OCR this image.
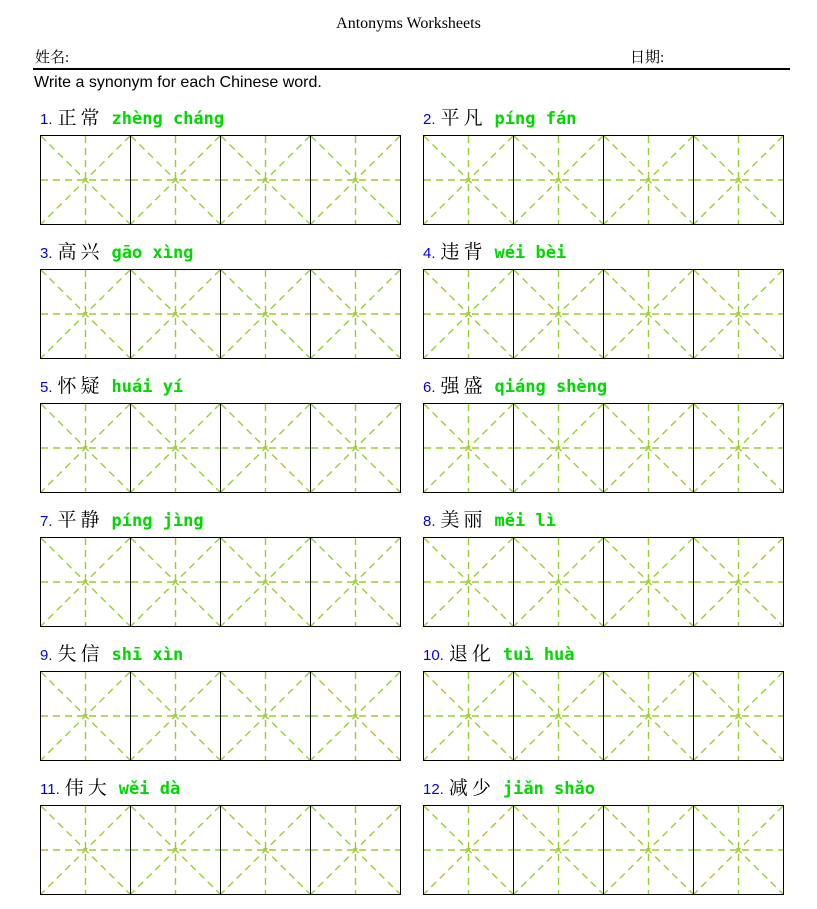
Antonyms Worksheets
姓名:	日期:
Write a synonym for each Chinese word.
1. 正常 zhèng cháng	2. 平凡 píng fán
3. 高兴 gāo xìng	4. 违背 wéi bèi
5. 怀疑 huái yí	6. 强盛 qiáng shèng
7. 平静 píng jìng	8. 美丽 měi lì
9. 失信 shī xìn	10. 退化 tuì huà
11. 伟大 wěi dà	12. 减少 jiǎn shǎo
